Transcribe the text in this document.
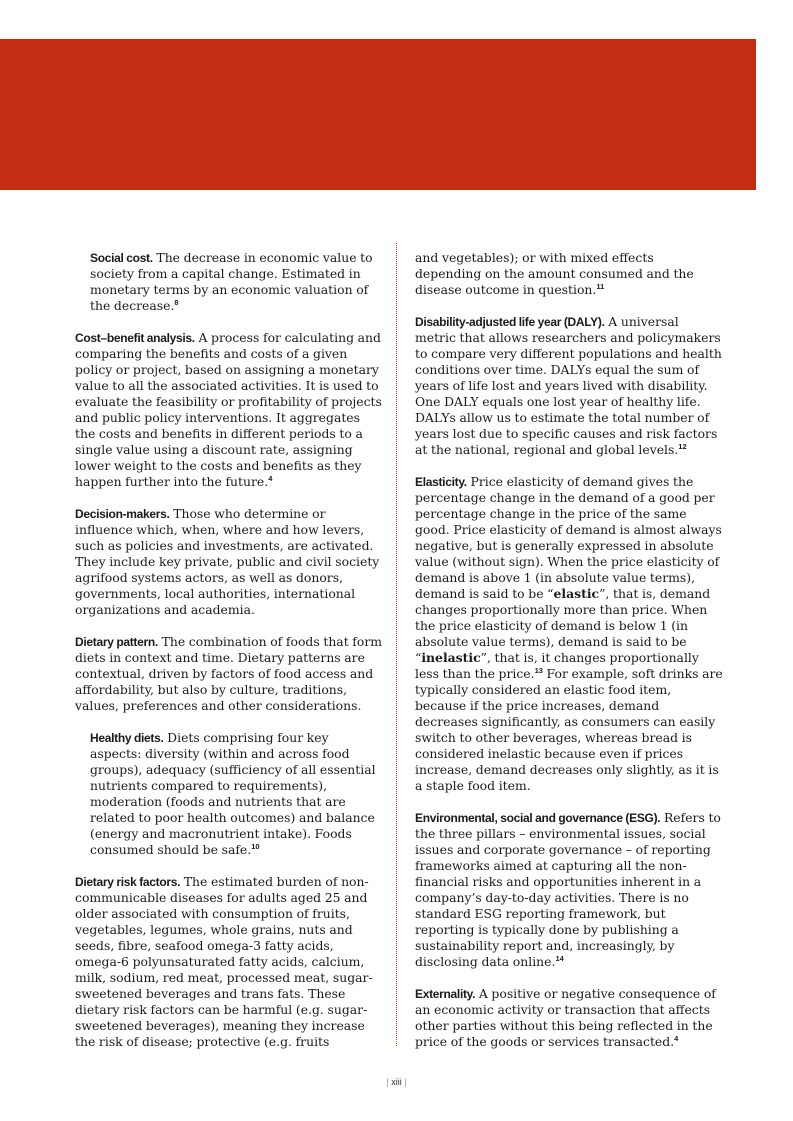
Social cost. The decrease in economic value to society from a capital change. Estimated in monetary terms by an economic valuation of the decrease.$^8$

Cost–benefit analysis. A process for calculating and comparing the benefits and costs of a given policy or project, based on assigning a monetary value to all the associated activities. It is used to evaluate the feasibility or profitability of projects and public policy interventions. It aggregates the costs and benefits in different periods to a single value using a discount rate, assigning lower weight to the costs and benefits as they happen further into the future.$^4$

Decision-makers. Those who determine or influence which, when, where and how levers, such as policies and investments, are activated. They include key private, public and civil society agrifood systems actors, as well as donors, governments, local authorities, international organizations and academia.

Dietary pattern. The combination of foods that form diets in context and time. Dietary patterns are contextual, driven by factors of food access and affordability, but also by culture, traditions, values, preferences and other considerations.

Healthy diets. Diets comprising four key aspects: diversity (within and across food groups), adequacy (sufficiency of all essential nutrients compared to requirements), moderation (foods and nutrients that are related to poor health outcomes) and balance (energy and macronutrient intake). Foods consumed should be safe.$^{10}$

Dietary risk factors. The estimated burden of non-communicable diseases for adults aged 25 and older associated with consumption of fruits, vegetables, legumes, whole grains, nuts and seeds, fibre, seafood omega-3 fatty acids, omega-6 polyunsaturated fatty acids, calcium, milk, sodium, red meat, processed meat, sugar-sweetened beverages and trans fats. These dietary risk factors can be harmful (e.g. sugar-sweetened beverages), meaning they increase the risk of disease; protective (e.g. fruits

and vegetables); or with mixed effects depending on the amount consumed and the disease outcome in question.$^{11}$

Disability-adjusted life year (DALY). A universal metric that allows researchers and policymakers to compare very different populations and health conditions over time. DALYs equal the sum of years of life lost and years lived with disability. One DALY equals one lost year of healthy life. DALYs allow us to estimate the total number of years lost due to specific causes and risk factors at the national, regional and global levels.$^{12}$

Elasticity. Price elasticity of demand gives the percentage change in the demand of a good per percentage change in the price of the same good. Price elasticity of demand is almost always negative, but is generally expressed in absolute value (without sign). When the price elasticity of demand is above 1 (in absolute value terms), demand is said to be “elastic”, that is, demand changes proportionally more than price. When the price elasticity of demand is below 1 (in absolute value terms), demand is said to be “inelastic”, that is, it changes proportionally less than the price.$^{13}$ For example, soft drinks are typically considered an elastic food item, because if the price increases, demand decreases significantly, as consumers can easily switch to other beverages, whereas bread is considered inelastic because even if prices increase, demand decreases only slightly, as it is a staple food item.

Environmental, social and governance (ESG). Refers to the three pillars – environmental issues, social issues and corporate governance – of reporting frameworks aimed at capturing all the non-financial risks and opportunities inherent in a company’s day-to-day activities. There is no standard ESG reporting framework, but reporting is typically done by publishing a sustainability report and, increasingly, by disclosing data online.$^{14}$

Externality. A positive or negative consequence of an economic activity or transaction that affects other parties without this being reflected in the price of the goods or services transacted.$^4$

| xiii |
